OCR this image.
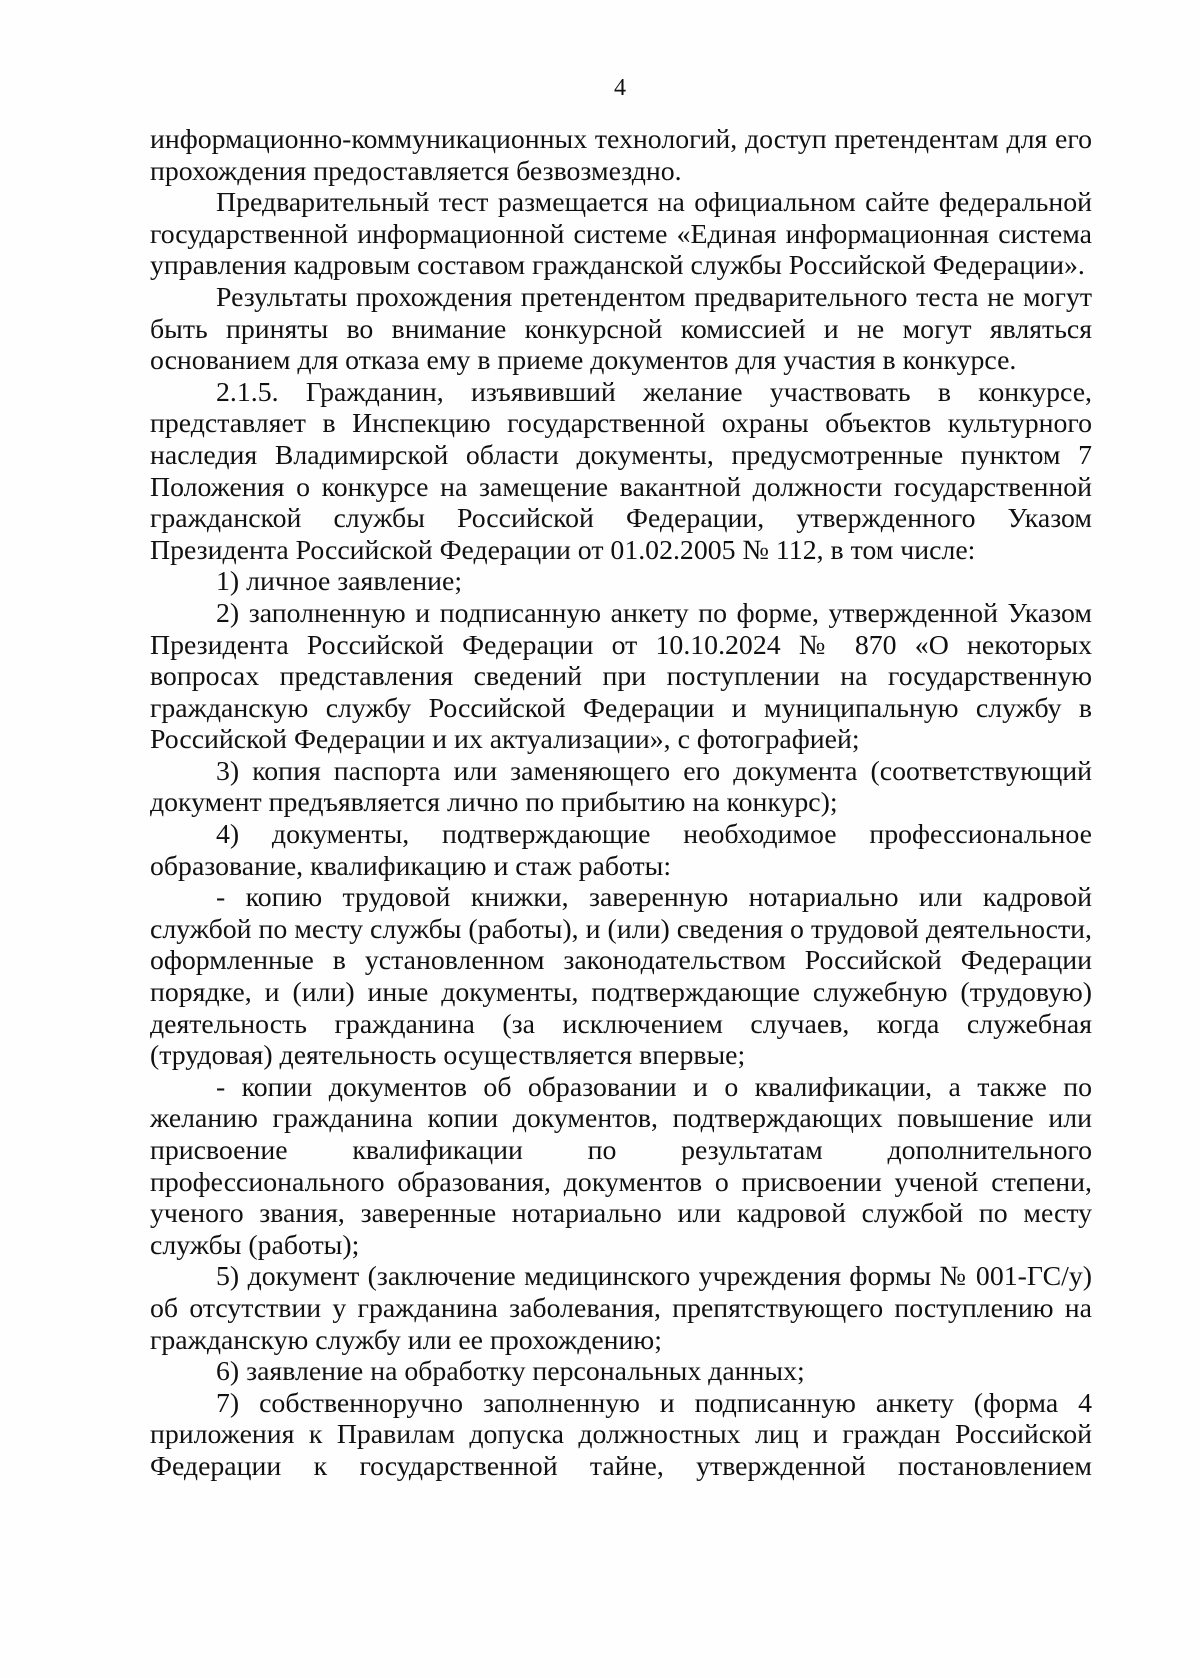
4

информационно-коммуникационных технологий, доступ претендентам для его прохождения предоставляется безвозмездно.

Предварительный тест размещается на официальном сайте федеральной государственной информационной системе «Единая информационная система управления кадровым составом гражданской службы Российской Федерации».

Результаты прохождения претендентом предварительного теста не могут быть приняты во внимание конкурсной комиссией и не могут являться основанием для отказа ему в приеме документов для участия в конкурсе.

2.1.5. Гражданин, изъявивший желание участвовать в конкурсе, представляет в Инспекцию государственной охраны объектов культурного наследия Владимирской области документы, предусмотренные пунктом 7 Положения о конкурсе на замещение вакантной должности государственной гражданской службы Российской Федерации, утвержденного Указом Президента Российской Федерации от 01.02.2005 № 112, в том числе:

1) личное заявление;

2) заполненную и подписанную анкету по форме, утвержденной Указом Президента Российской Федерации от 10.10.2024 № 870 «О некоторых вопросах представления сведений при поступлении на государственную гражданскую службу Российской Федерации и муниципальную службу в Российской Федерации и их актуализации», с фотографией;

3) копия паспорта или заменяющего его документа (соответствующий документ предъявляется лично по прибытию на конкурс);

4) документы, подтверждающие необходимое профессиональное образование, квалификацию и стаж работы:

- копию трудовой книжки, заверенную нотариально или кадровой службой по месту службы (работы), и (или) сведения о трудовой деятельности, оформленные в установленном законодательством Российской Федерации порядке, и (или) иные документы, подтверждающие служебную (трудовую) деятельность гражданина (за исключением случаев, когда служебная (трудовая) деятельность осуществляется впервые;

- копии документов об образовании и о квалификации, а также по желанию гражданина копии документов, подтверждающих повышение или присвоение квалификации по результатам дополнительного профессионального образования, документов о присвоении ученой степени, ученого звания, заверенные нотариально или кадровой службой по месту службы (работы);

5) документ (заключение медицинского учреждения формы № 001-ГС/у) об отсутствии у гражданина заболевания, препятствующего поступлению на гражданскую службу или ее прохождению;

6) заявление на обработку персональных данных;

7) собственноручно заполненную и подписанную анкету (форма 4 приложения к Правилам допуска должностных лиц и граждан Российской Федерации к государственной тайне, утвержденной постановлением
